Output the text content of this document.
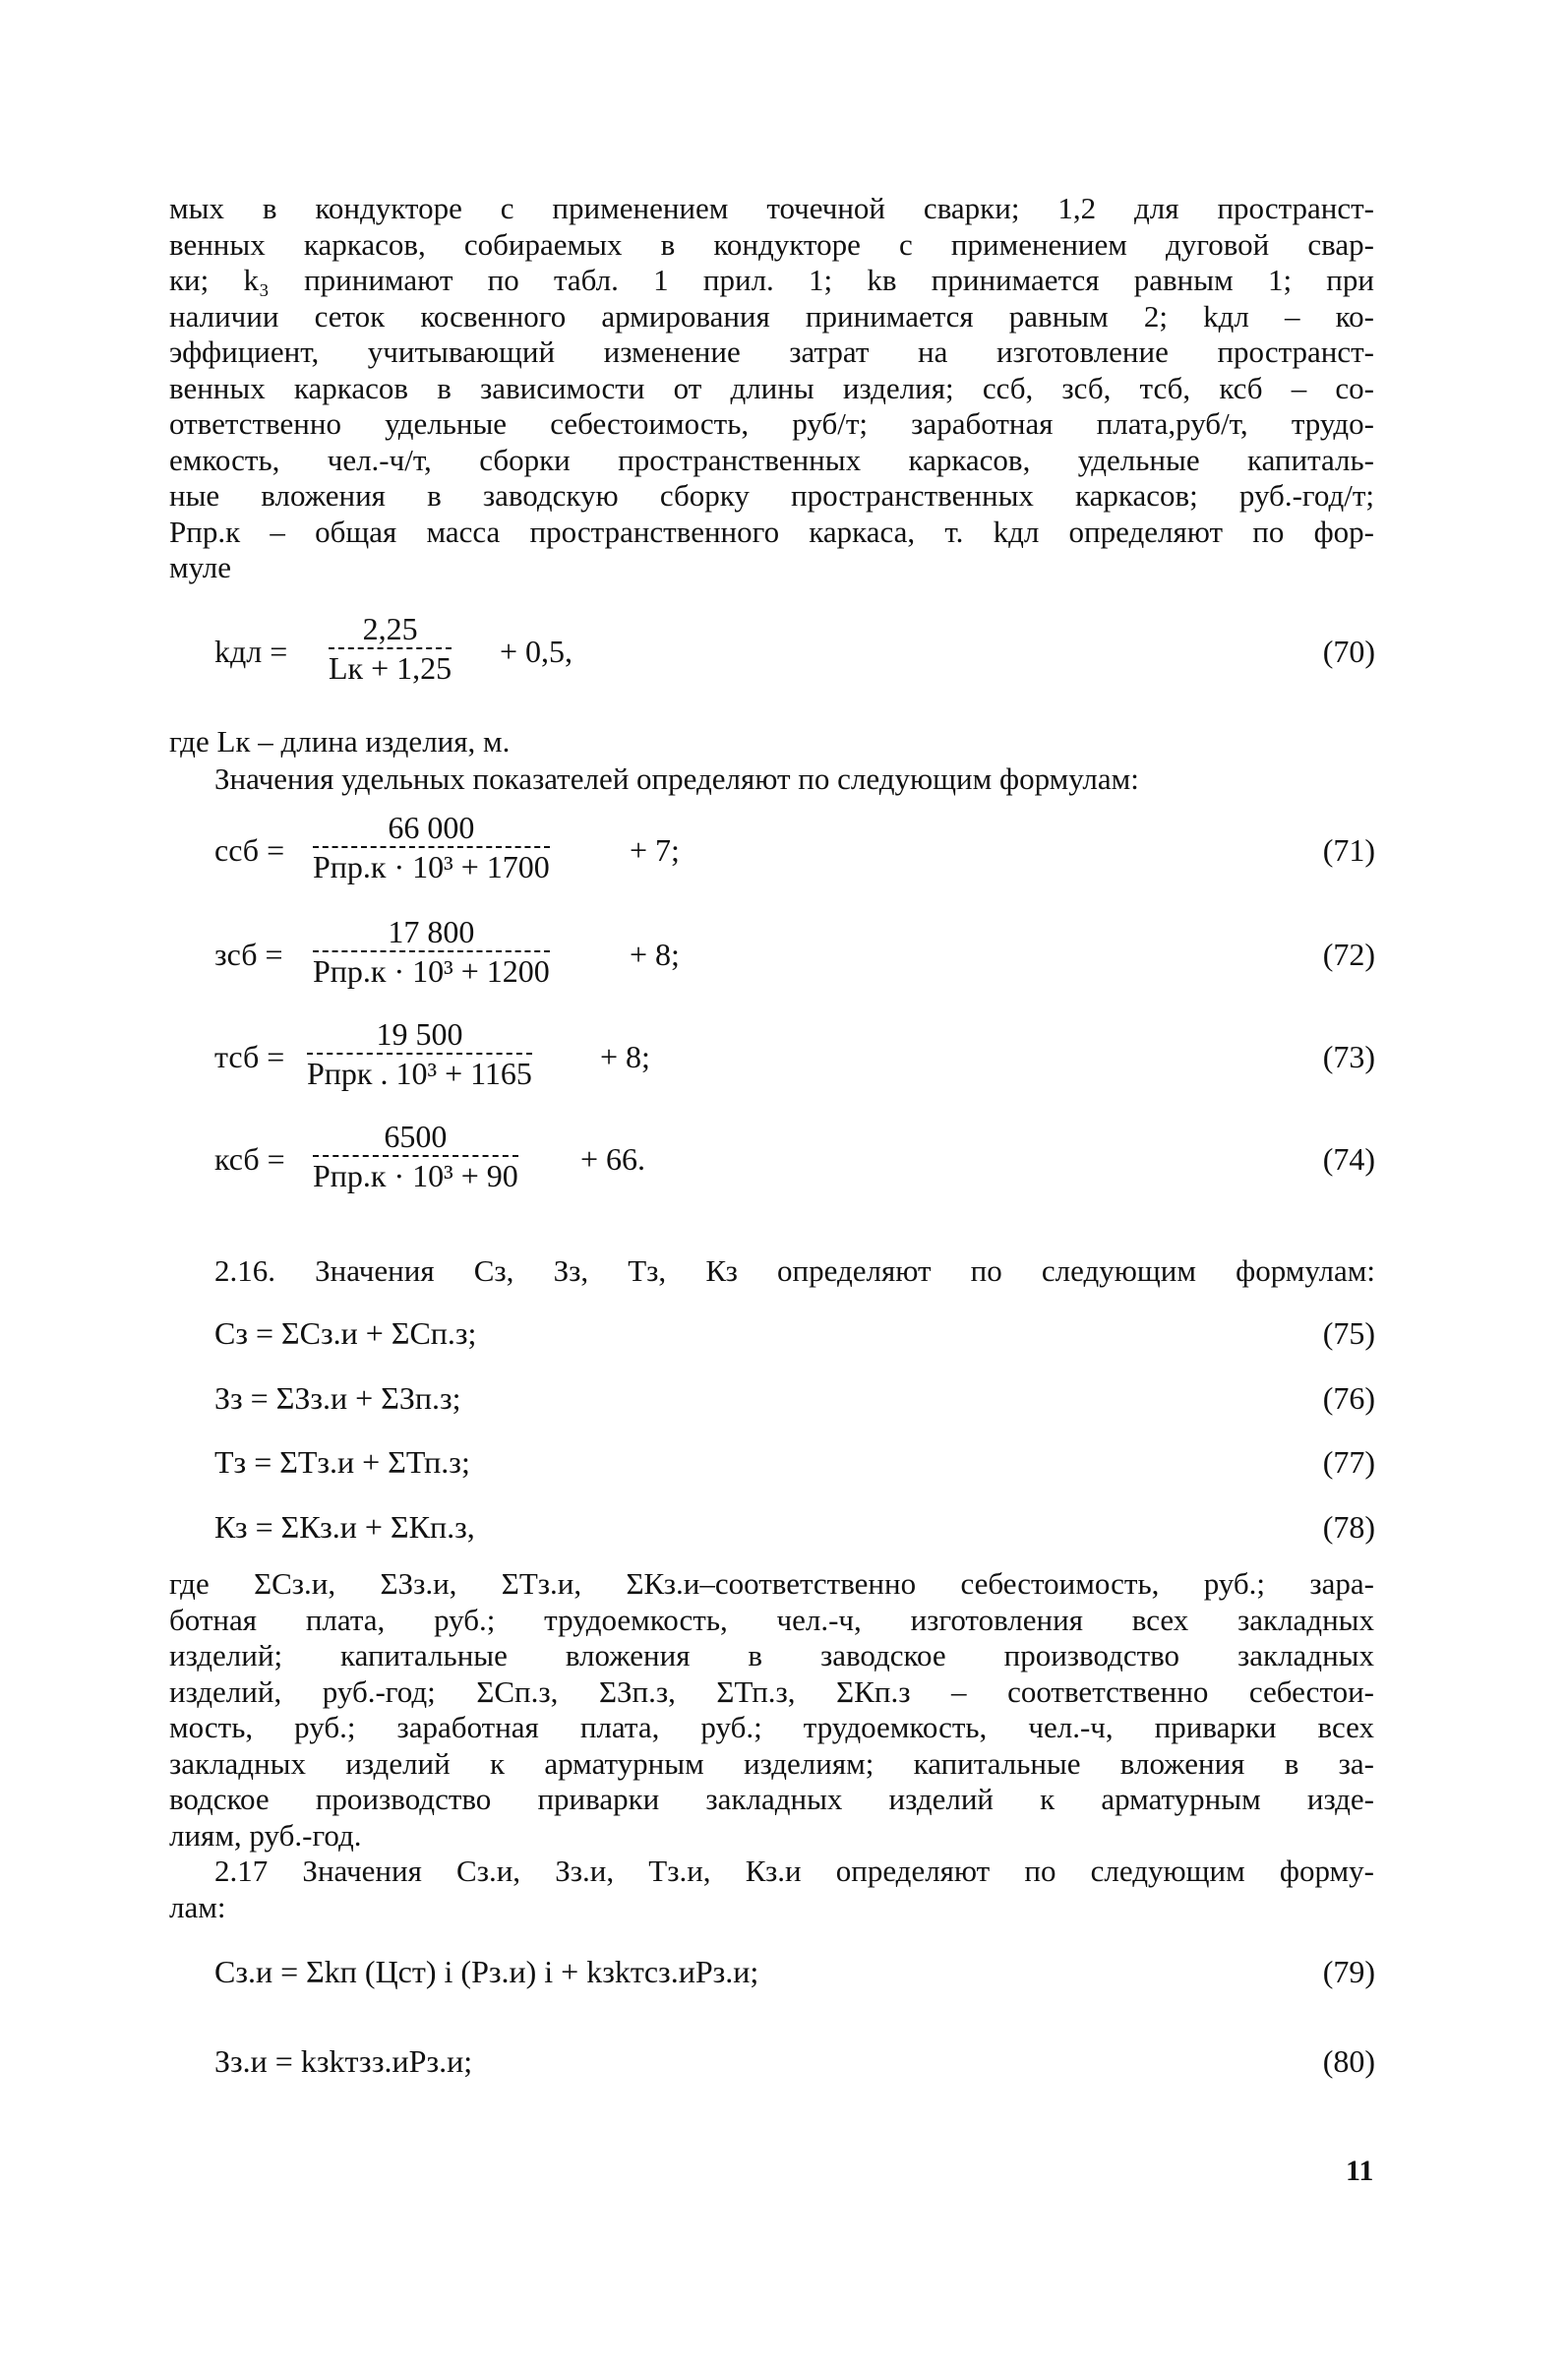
мых в кондукторе с применением точечной сварки; 1,2 для пространст-
венных каркасов, собираемых в кондукторе с применением дуговой свар-
ки; k₃ принимают по табл. 1 прил. 1; kв принимается равным 1; при
наличии сеток косвенного армирования принимается равным 2; kдл – ко-
эффициент, учитывающий изменение затрат на изготовление пространст-
венных каркасов в зависимости от длины изделия; cсб, зсб, тсб, ксб – со-
ответственно удельные себестоимость, руб/т; заработная плата,руб/т, трудо-
емкость, чел.-ч/т, сборки пространственных каркасов, удельные капиталь-
ные вложения в заводскую сборку пространственных каркасов; руб.-год/т;
Pпр.к – общая масса пространственного каркаса, т. kдл определяют по фор-
муле
kдл =
2,25
Lк + 1,25 + 0,5,	(70)
где Lк – длина изделия, м.
Значения удельных показателей определяют по следующим формулам:
cсб =
66 000
Pпр.к · 10³ + 1700	+ 7;	(71)
зсб =
17 800
Pпр.к · 10³ + 1200	+ 8;	(72)
тсб =
19 500
Pпрк . 10³ + 1165 + 8;	(73)
ксб =
6500
Pпр.к · 10³ + 90 + 66.	(74)
2.16. Значения Cз, Зз, Тз, Кз определяют по следующим формулам:
Cз = ΣCз.и + ΣCп.з;	(75)
Зз = ΣЗз.и + ΣЗп.з;	(76)
Тз = ΣТз.и + ΣТп.з;	(77)
Кз = ΣКз.и + ΣКп.з,	(78)
где ΣCз.и, ΣЗз.и, ΣТз.и, ΣКз.и–соответственно себестоимость, руб.; зара-
ботная плата, руб.; трудоемкость, чел.-ч, изготовления всех закладных
изделий; капитальные вложения в заводское производство закладных
изделий, руб.-год; ΣCп.з, ΣЗп.з, ΣТп.з, ΣКп.з – соответственно себестои-
мость, руб.; заработная плата, руб.; трудоемкость, чел.-ч, приварки всех
закладных изделий к арматурным изделиям; капитальные вложения в за-
водское производство приварки закладных изделий к арматурным изде-
лиям, руб.-год.
2.17 Значения Cз.и, Зз.и, Тз.и, Кз.и определяют по следующим форму-
лам:
Cз.и = Σkп (Цст) i (Pз.и) i + kзkтcз.иPз.и;	(79)
Зз.и = kзkтзз.иPз.и;	(80)
11
